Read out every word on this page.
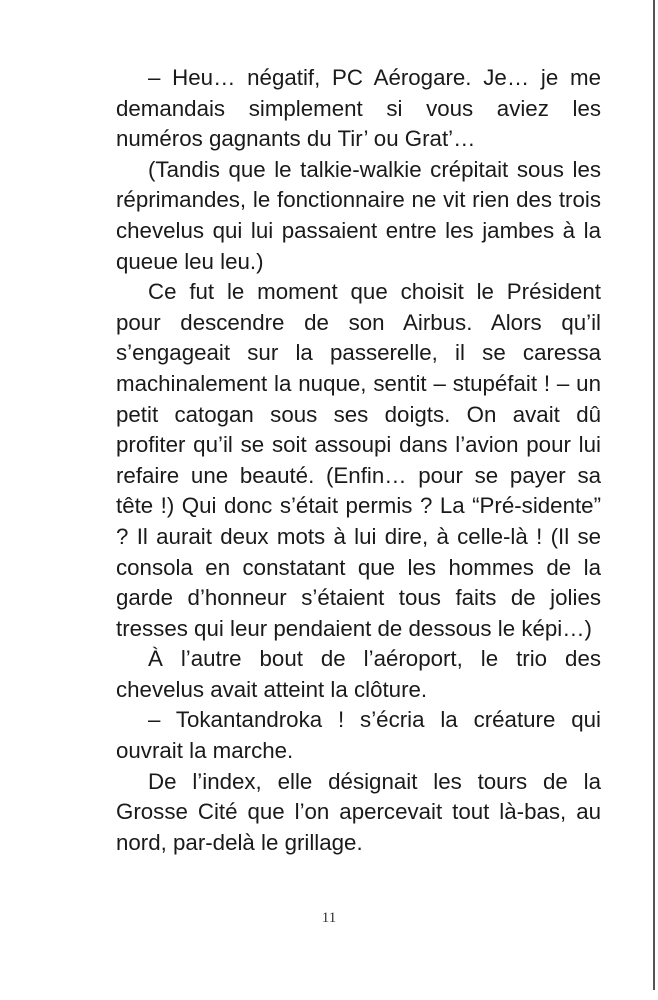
– Heu… négatif, PC Aérogare. Je… je me demandais simplement si vous aviez les numéros gagnants du Tir’ ou Grat’…

(Tandis que le talkie-walkie crépitait sous les réprimandes, le fonctionnaire ne vit rien des trois chevelus qui lui passaient entre les jambes à la queue leu leu.)

Ce fut le moment que choisit le Président pour descendre de son Airbus. Alors qu’il s’engageait sur la passerelle, il se caressa machinalement la nuque, sentit – stupéfait ! – un petit catogan sous ses doigts. On avait dû profiter qu’il se soit assoupi dans l’avion pour lui refaire une beauté. (Enfin… pour se payer sa tête !) Qui donc s’était permis ? La “Pré-sidente” ? Il aurait deux mots à lui dire, à celle-là ! (Il se consola en constatant que les hommes de la garde d’honneur s’étaient tous faits de jolies tresses qui leur pendaient de dessous le képi…)

À l’autre bout de l’aéroport, le trio des chevelus avait atteint la clôture.

– Tokantandroka ! s’écria la créature qui ouvrait la marche.

De l’index, elle désignait les tours de la Grosse Cité que l’on apercevait tout là-bas, au nord, par-delà le grillage.

11
